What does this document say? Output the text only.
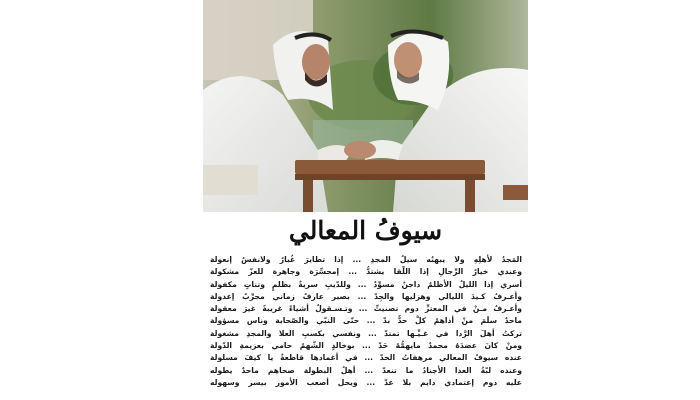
سيوفُ المعالي
المَجدُ لأهلِهِ ولا يبهتُه سيلُ المجدِ ... إذا تطايرَ غُبارٌ ولانفسُ إنعولة
وعندي خيارٌ الرِّجالِ إذا اللِّقا يشتدُّ ... إمحسِّرَة وجاهرة للعزّ مشكولة
أسري إذا الليلُ الأظلمُ داجنٌ مسوِّدٌ ... وللدّيبِ سريةٌ بظلمٍ وتناتٍ مكفولة
وأعـرفُ كـيدَ الليالي وهزليها والجِدّ ... بصير عارفٌ زماني مجرِّبٌ إعدولة
وأعـرفُ مـنْ في المعتزِّ دوم تصنيتِّ ... وتـسـقولُ أشياءً غريبةً غيرَ معقولة
ماحدٌ سلَمَ منْ أذاهمُ كلٌّ حدٌّ بدّ ... حتّى النبّي والصّحابة وناس مسؤولة
تركتُ أهلَ الرَّدا في غـيِّـها تمتدّ ... ونفسي بكسبِ العلا والمجدِ مشغولة
ومنْ كانَ عضدَهُ محمدٌ مايهمُّهُ حَدّ ... بوخالدٍ الشّهمُ حامي بعزيمةِ الدّولة
عنده سيوفُ المعالي مرهفاتُ الحدّ ... في أغمادها قاطعةٌ يا كيفَ مسلولة
وعنده لبّةُ العدا الأجنادُ ما تنعدّ ... أهلُ البطولة صحاهم ماحدٌ يطوله
عليه دوم إعتمادي دايم بلا عدّ ... ويحل أصعب الأمور بيسر وسهوله
